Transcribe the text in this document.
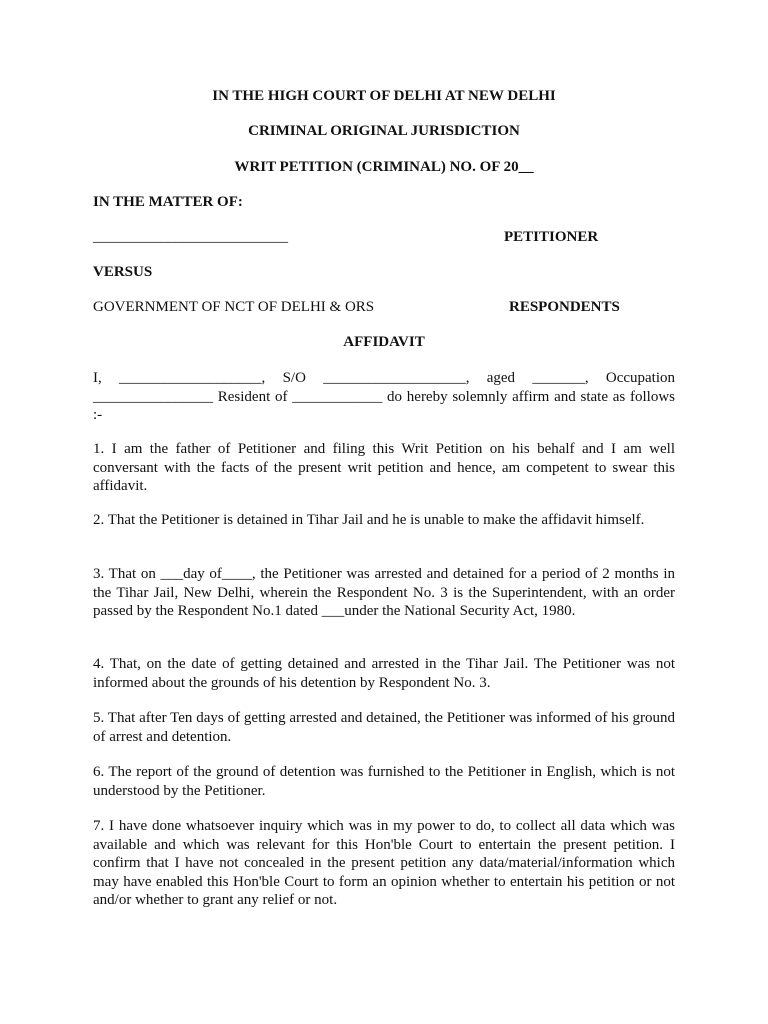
IN THE HIGH COURT OF DELHI AT NEW DELHI
CRIMINAL ORIGINAL JURISDICTION
WRIT PETITION (CRIMINAL) NO. OF 20__
IN THE MATTER OF:
__________________________	PETITIONER
VERSUS
GOVERNMENT OF NCT OF DELHI & ORS	RESPONDENTS
AFFIDAVIT
I, ___________________, S/O ___________________, aged _______, Occupation ________________ Resident of ____________ do hereby solemnly affirm and state as follows :-
1. I am the father of Petitioner and filing this Writ Petition on his behalf and I am well conversant with the facts of the present writ petition and hence, am competent to swear this affidavit.
2. That the Petitioner is detained in Tihar Jail and he is unable to make the affidavit himself.
3. That on ___day of____, the Petitioner was arrested and detained for a period of 2 months in the Tihar Jail, New Delhi, wherein the Respondent No. 3 is the Superintendent, with an order passed by the Respondent No.1 dated ___under the National Security Act, 1980.
4. That, on the date of getting detained and arrested in the Tihar Jail. The Petitioner was not informed about the grounds of his detention by Respondent No. 3.
5. That after Ten days of getting arrested and detained, the Petitioner was informed of his ground of arrest and detention.
6. The report of the ground of detention was furnished to the Petitioner in English, which is not understood by the Petitioner.
7. I have done whatsoever inquiry which was in my power to do, to collect all data which was available and which was relevant for this Hon'ble Court to entertain the present petition. I confirm that I have not concealed in the present petition any data/material/information which may have enabled this Hon'ble Court to form an opinion whether to entertain his petition or not and/or whether to grant any relief or not.
